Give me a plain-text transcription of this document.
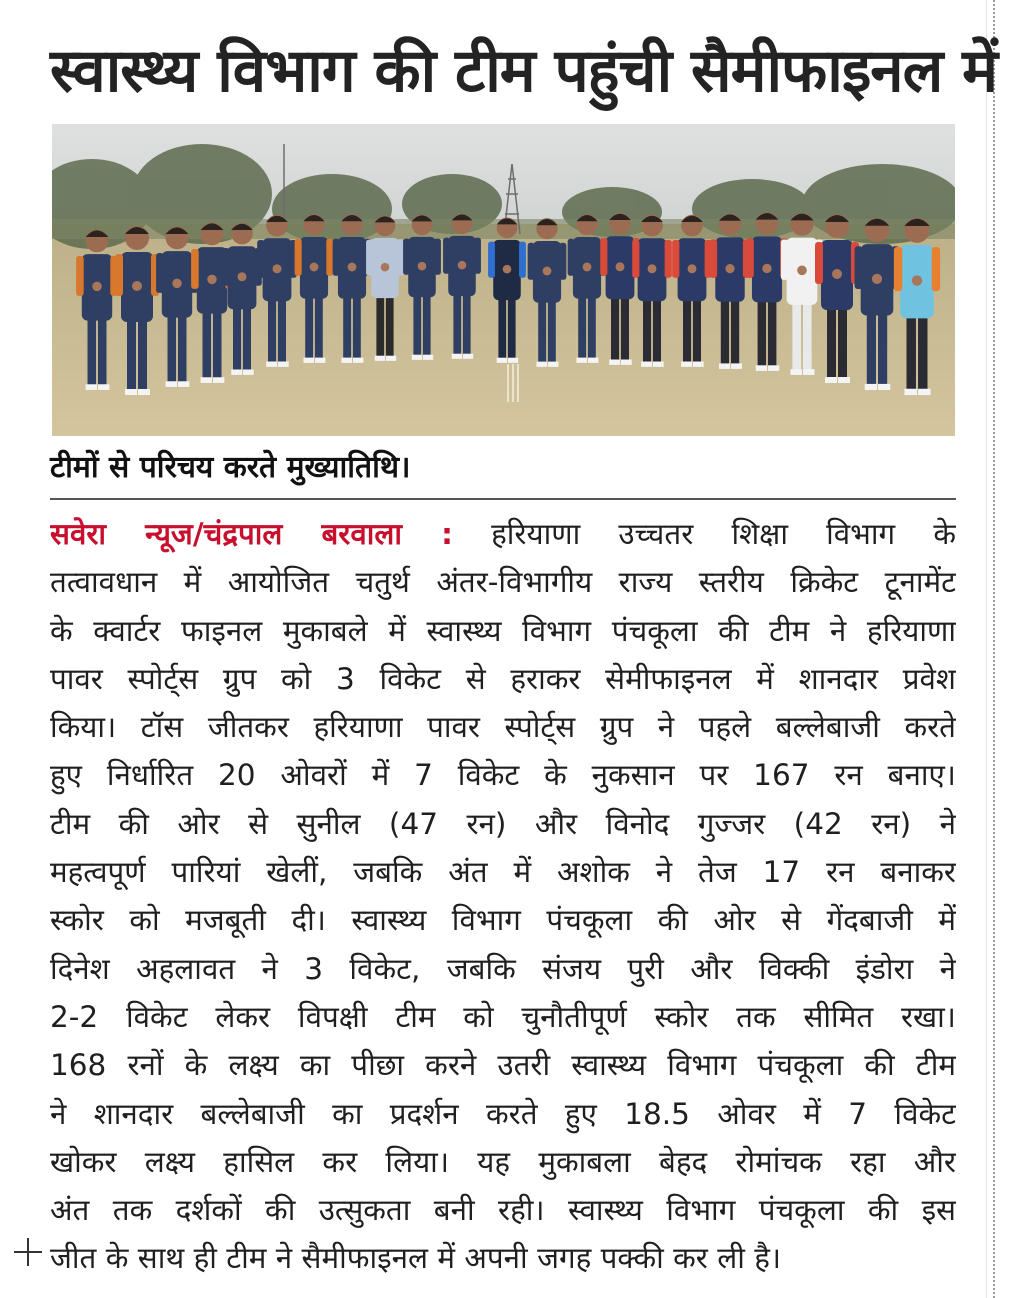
स्वास्थ्य विभाग की टीम पहुंची सैमीफाइनल में
टीमों से परिचय करते मुख्यातिथि।
सवेरा न्यूज/चंद्रपाल बरवाला : हरियाणा उच्चतर शिक्षा विभाग के
तत्वावधान में आयोजित चतुर्थ अंतर-विभागीय राज्य स्तरीय क्रिकेट टूनामेंट
के क्वार्टर फाइनल मुकाबले में स्वास्थ्य विभाग पंचकूला की टीम ने हरियाणा
पावर स्पोर्ट्स ग्रुप को 3 विकेट से हराकर सेमीफाइनल में शानदार प्रवेश
किया। टॉस जीतकर हरियाणा पावर स्पोर्ट्स ग्रुप ने पहले बल्लेबाजी करते
हुए निर्धारित 20 ओवरों में 7 विकेट के नुकसान पर 167 रन बनाए।
टीम की ओर से सुनील (47 रन) और विनोद गुज्जर (42 रन) ने
महत्वपूर्ण पारियां खेलीं, जबकि अंत में अशोक ने तेज 17 रन बनाकर
स्कोर को मजबूती दी। स्वास्थ्य विभाग पंचकूला की ओर से गेंदबाजी में
दिनेश अहलावत ने 3 विकेट, जबकि संजय पुरी और विक्की इंडोरा ने
2-2 विकेट लेकर विपक्षी टीम को चुनौतीपूर्ण स्कोर तक सीमित रखा।
168 रनों के लक्ष्य का पीछा करने उतरी स्वास्थ्य विभाग पंचकूला की टीम
ने शानदार बल्लेबाजी का प्रदर्शन करते हुए 18.5 ओवर में 7 विकेट
खोकर लक्ष्य हासिल कर लिया। यह मुकाबला बेहद रोमांचक रहा और
अंत तक दर्शकों की उत्सुकता बनी रही। स्वास्थ्य विभाग पंचकूला की इस
जीत के साथ ही टीम ने सैमीफाइनल में अपनी जगह पक्की कर ली है।
